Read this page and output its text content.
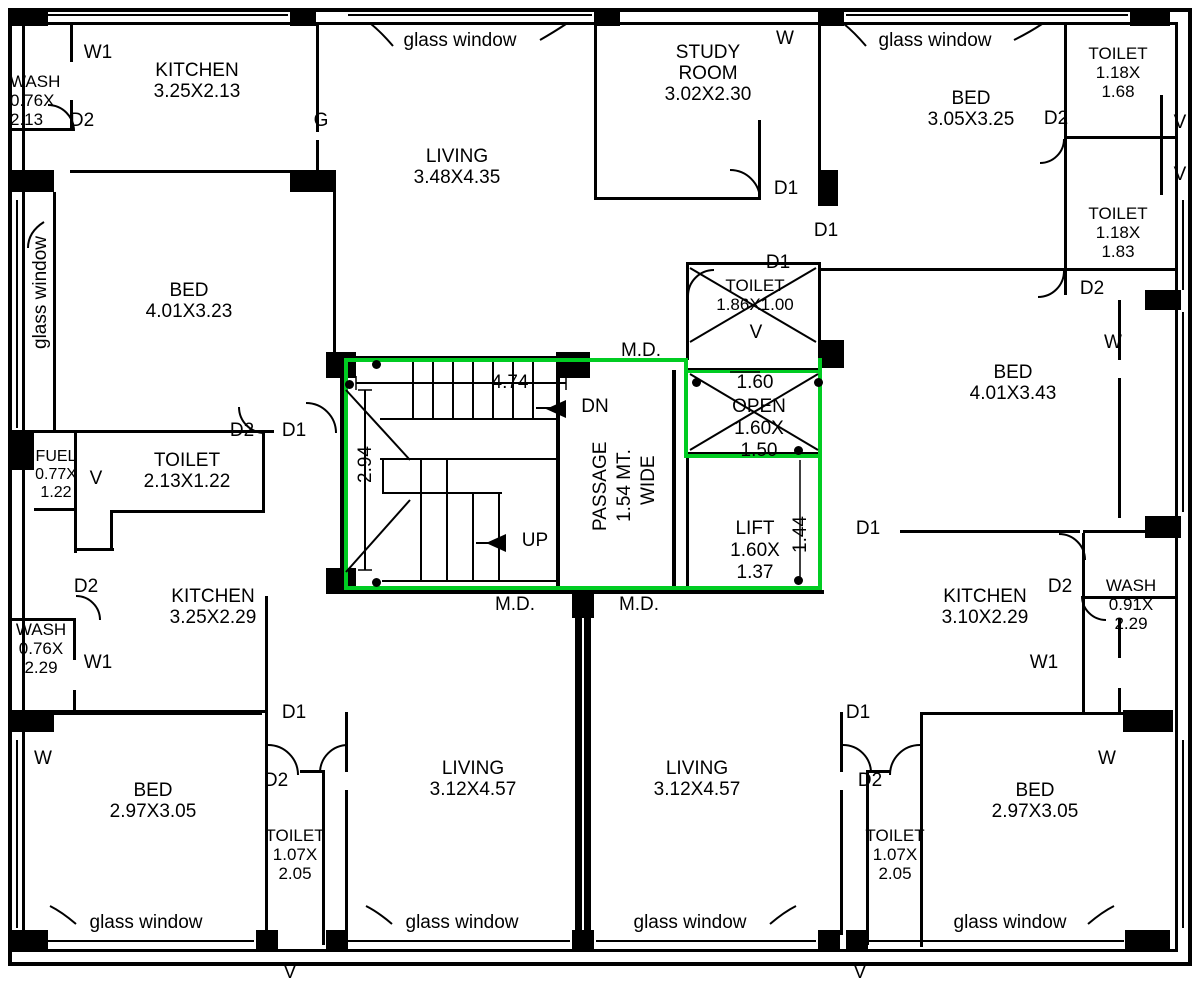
WASH
0.76X
2.13
KITCHEN
3.25X2.13
W1
D2	G
glass window	glass window
STUDY
ROOM
3.02X2.30
W
D1
BED
3.05X3.25	D2
TOILET
1.18X
1.68
V
V
LIVING
3.48X4.35
glass window	BED
4.01X3.23
D1
D1
TOILET
1.86X1.00
V
TOILET
1.18X
1.83
D2
W
BED
4.01X3.43
M.D.
4.74
2.94
DN
UP
PASSAGE 1.54 MT. WIDE
1.60
OPEN
1.60X
1.50
LIFT
1.60X
1.37
1.44
D1
FUEL
0.77X
1.22
V
TOILET
2.13X1.22
D2
D1
D2	WASH
0.91X
2.29
W1
D2
WASH
0.76X
2.29	W1
KITCHEN
3.25X2.29
KITCHEN
3.10X2.29
M.D.	M.D.
D1
D2
D1
D2
W	W
BED
2.97X3.05
BED
2.97X3.05
TOILET
1.07X
2.05
TOILET
1.07X
2.05
LIVING
3.12X4.57
LIVING
3.12X4.57
glass window	glass window	glass window	glass window
V	V
